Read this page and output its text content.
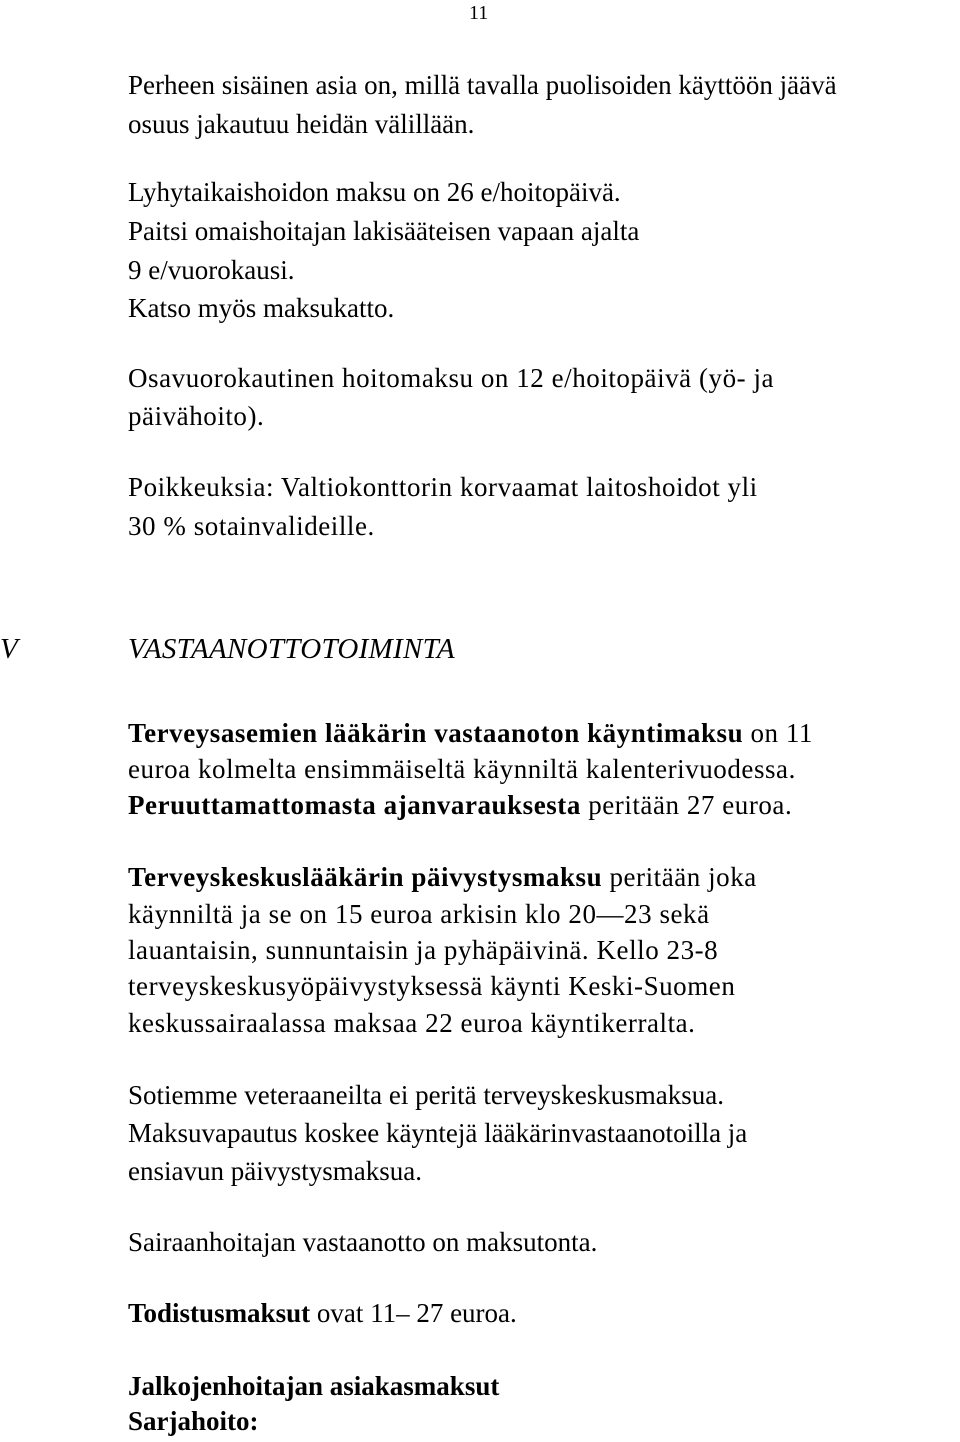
11
Perheen sisäinen asia on, millä tavalla puolisoiden käyttöön jäävä
osuus jakautuu heidän välillään.
Lyhytaikaishoidon maksu on 26 e/hoitopäivä.
Paitsi omaishoitajan lakisääteisen vapaan ajalta
9 e/vuorokausi.
Katso myös maksukatto.
Osavuorokautinen hoitomaksu on 12 e/hoitopäivä (yö- ja
päivähoito).
Poikkeuksia: Valtiokonttorin korvaamat laitoshoidot yli
30 % sotainvalideille.
V	VASTAANOTTOTOIMINTA
Terveysasemien lääkärin vastaanoton käyntimaksu on 11
euroa kolmelta ensimmäiseltä käynniltä kalenterivuodessa.
Peruuttamattomasta ajanvarauksesta peritään 27 euroa.
Terveyskeskuslääkärin päivystysmaksu peritään joka
käynniltä ja se on 15 euroa arkisin klo 20—23 sekä
lauantaisin, sunnuntaisin ja pyhäpäivinä. Kello 23-8
terveyskeskusyöpäivystyksessä käynti Keski-Suomen
keskussairaalassa maksaa 22 euroa käyntikerralta.
Sotiemme veteraaneilta ei peritä terveyskeskusmaksua.
Maksuvapautus koskee käyntejä lääkärinvastaanotoilla ja
ensiavun päivystysmaksua.
Sairaanhoitajan vastaanotto on maksutonta.
Todistusmaksut ovat 11– 27 euroa.
Jalkojenhoitajan asiakasmaksut
Sarjahoito:
